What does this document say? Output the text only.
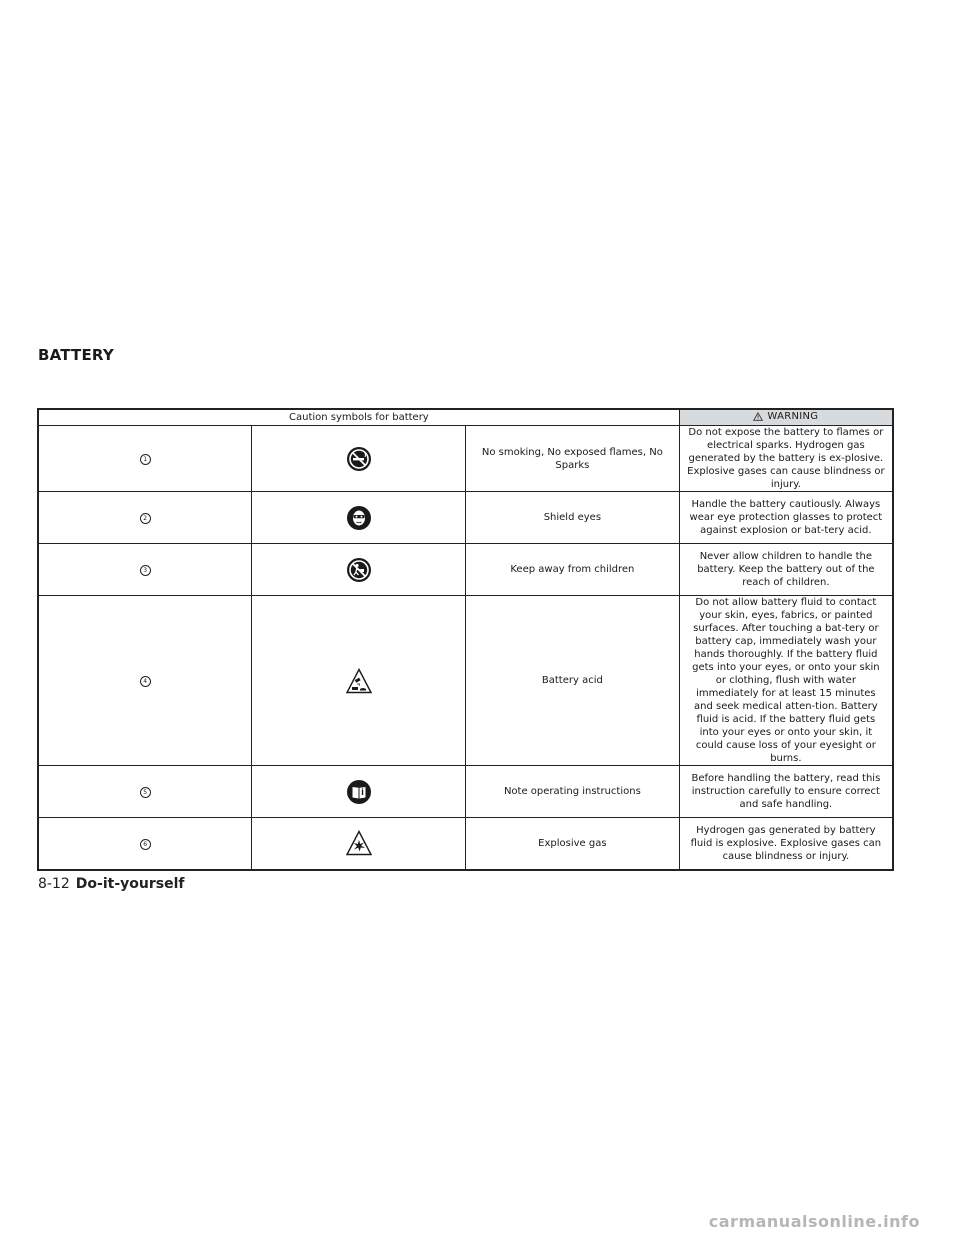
BATTERY
Caution symbols for battery			WARNING
1		No smoking, No exposed flames, No Sparks	Do not expose the battery to flames or electrical sparks. Hydrogen gas generated by the battery is ex-plosive. Explosive gases can cause blindness or injury.
2		Shield eyes	Handle the battery cautiously. Always wear eye protection glasses to protect against explosion or bat-tery acid.
3		Keep away from children	Never allow children to handle the battery. Keep the battery out of the reach of children.
4		Battery acid	Do not allow battery fluid to contact your skin, eyes, fabrics, or painted surfaces. After touching a bat-tery or battery cap, immediately wash your hands thoroughly. If the battery fluid gets into your eyes, or onto your skin or clothing, flush with water immediately for at least 15 minutes and seek medical atten-tion. Battery fluid is acid. If the battery fluid gets into your eyes or onto your skin, it could cause loss of your eyesight or burns.
5		Note operating instructions	Before handling the battery, read this instruction carefully to ensure correct and safe handling.
6		Explosive gas	Hydrogen gas generated by battery fluid is explosive. Explosive gases can cause blindness or injury.
8-12 Do-it-yourself
carmanualsonline.info
